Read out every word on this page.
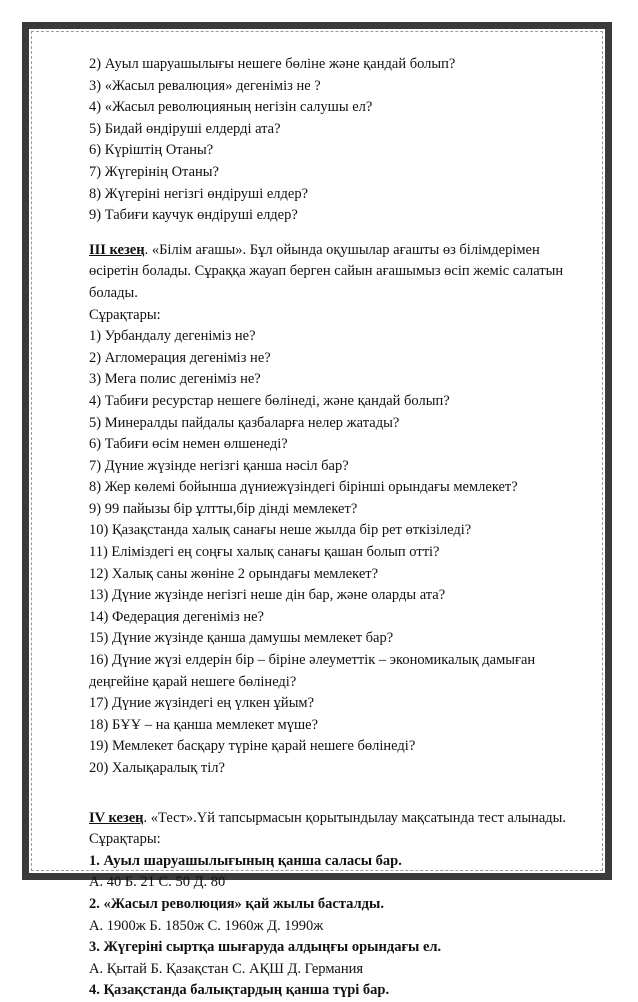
2) Ауыл шаруашылығы нешеге бөліне және қандай болып?
3) «Жасыл ревалюция» дегеніміз не ?
4) «Жасыл революцияның негізін салушы ел?
5) Бидай өндіруші елдерді ата?
6) Күріштің Отаны?
7) Жүгерінің Отаны?
8) Жүгеріні негізгі өндіруші елдер?
9) Табиғи каучук өндіруші елдер?
ІІІ кезең. «Білім ағашы». Бұл ойында оқушылар ағашты өз білімдерімен
өсіретін болады. Сұраққа жауап берген сайын ағашымыз өсіп жеміс салатын
болады.
Сұрақтары:
1) Урбандалу дегеніміз не?
2) Агломерация дегеніміз не?
3) Мега полис дегеніміз не?
4) Табиғи ресурстар нешеге бөлінеді, және қандай болып?
5) Минералды пайдалы қазбаларға нелер жатады?
6) Табиғи өсім немен өлшенеді?
7) Дүние жүзінде негізгі қанша нәсіл бар?
8) Жер көлемі бойынша дүниежүзіндегі бірінші орындағы мемлекет?
9) 99 пайызы бір ұлтты,бір дінді мемлекет?
10) Қазақстанда халық санағы неше жылда бір рет өткізіледі?
11) Еліміздегі ең соңғы халық санағы қашан болып отті?
12) Халық саны жөніне 2 орындағы мемлекет?
13) Дүние жүзінде негізгі неше дін бар, және оларды ата?
14) Федерация дегеніміз не?
15) Дүние жүзінде қанша дамушы мемлекет бар?
16) Дүние жүзі елдерін бір – біріне әлеуметтік – экономикалық дамыған
деңгейіне қарай нешеге бөлінеді?
17) Дүние жүзіндегі ең үлкен ұйым?
18) БҰҰ – на қанша мемлекет мүше?
19) Мемлекет басқару түріне қарай нешеге бөлінеді?
20) Халықаралық тіл?
ІV кезең. «Тест».Үй тапсырмасын қорытындылау мақсатында тест алынады.
Сұрақтары:
1. Ауыл шаруашылығының қанша саласы бар.
А. 40 Б. 21 С. 50 Д. 80
2. «Жасыл революция» қай жылы басталды.
А. 1900ж Б. 1850ж С. 1960ж Д. 1990ж
3. Жүгеріні сыртқа шығаруда алдыңғы орындағы ел.
А. Қытай Б. Қазақстан С. АҚШ Д. Германия
4. Қазақстанда балықтардың қанша түрі бар.
